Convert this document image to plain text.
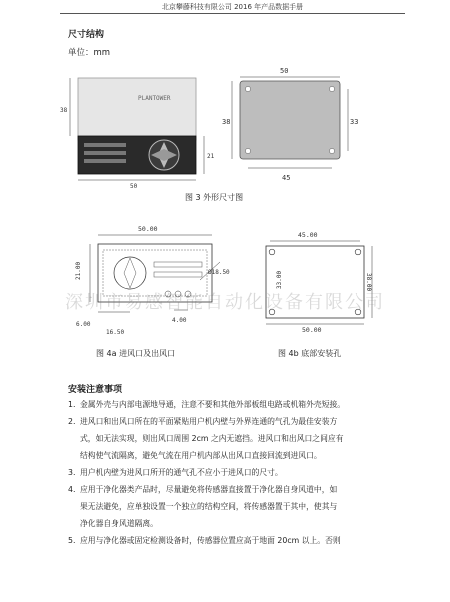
北京攀藤科技有限公司 2016 年产品数据手册
尺寸结构
单位：mm
PLANTOWER
38
21
50
50
38	33
45
图 3 外形尺寸图
50.00
21.00	Ø18.50
6.00
16.50
4.00
45.00
33.00	38.00
50.00
深圳市易感智能自动化设备有限公司
图 4a 进风口及出风口	图 4b 底部安装孔
安装注意事项
1. 金属外壳与内部电源地导通，注意不要和其他外部板组电路或机箱外壳短接。
2. 进风口和出风口所在的平面紧贴用户机内壁与外界连通的气孔为最佳安装方
式，如无法实现，则出风口周围 2cm 之内无遮挡。进风口和出风口之间应有
结构使气流隔离，避免气流在用户机内部从出风口直接回流到进风口。
3. 用户机内壁为进风口所开的通气孔不应小于进风口的尺寸。
4. 应用于净化器类产品时，尽量避免将传感器直接置于净化器自身风道中，如
果无法避免，应单独设置一个独立的结构空间，将传感器置于其中，使其与
净化器自身风道隔离。
5. 应用与净化器或固定检测设备时，传感器位置应高于地面 20cm 以上。否则
